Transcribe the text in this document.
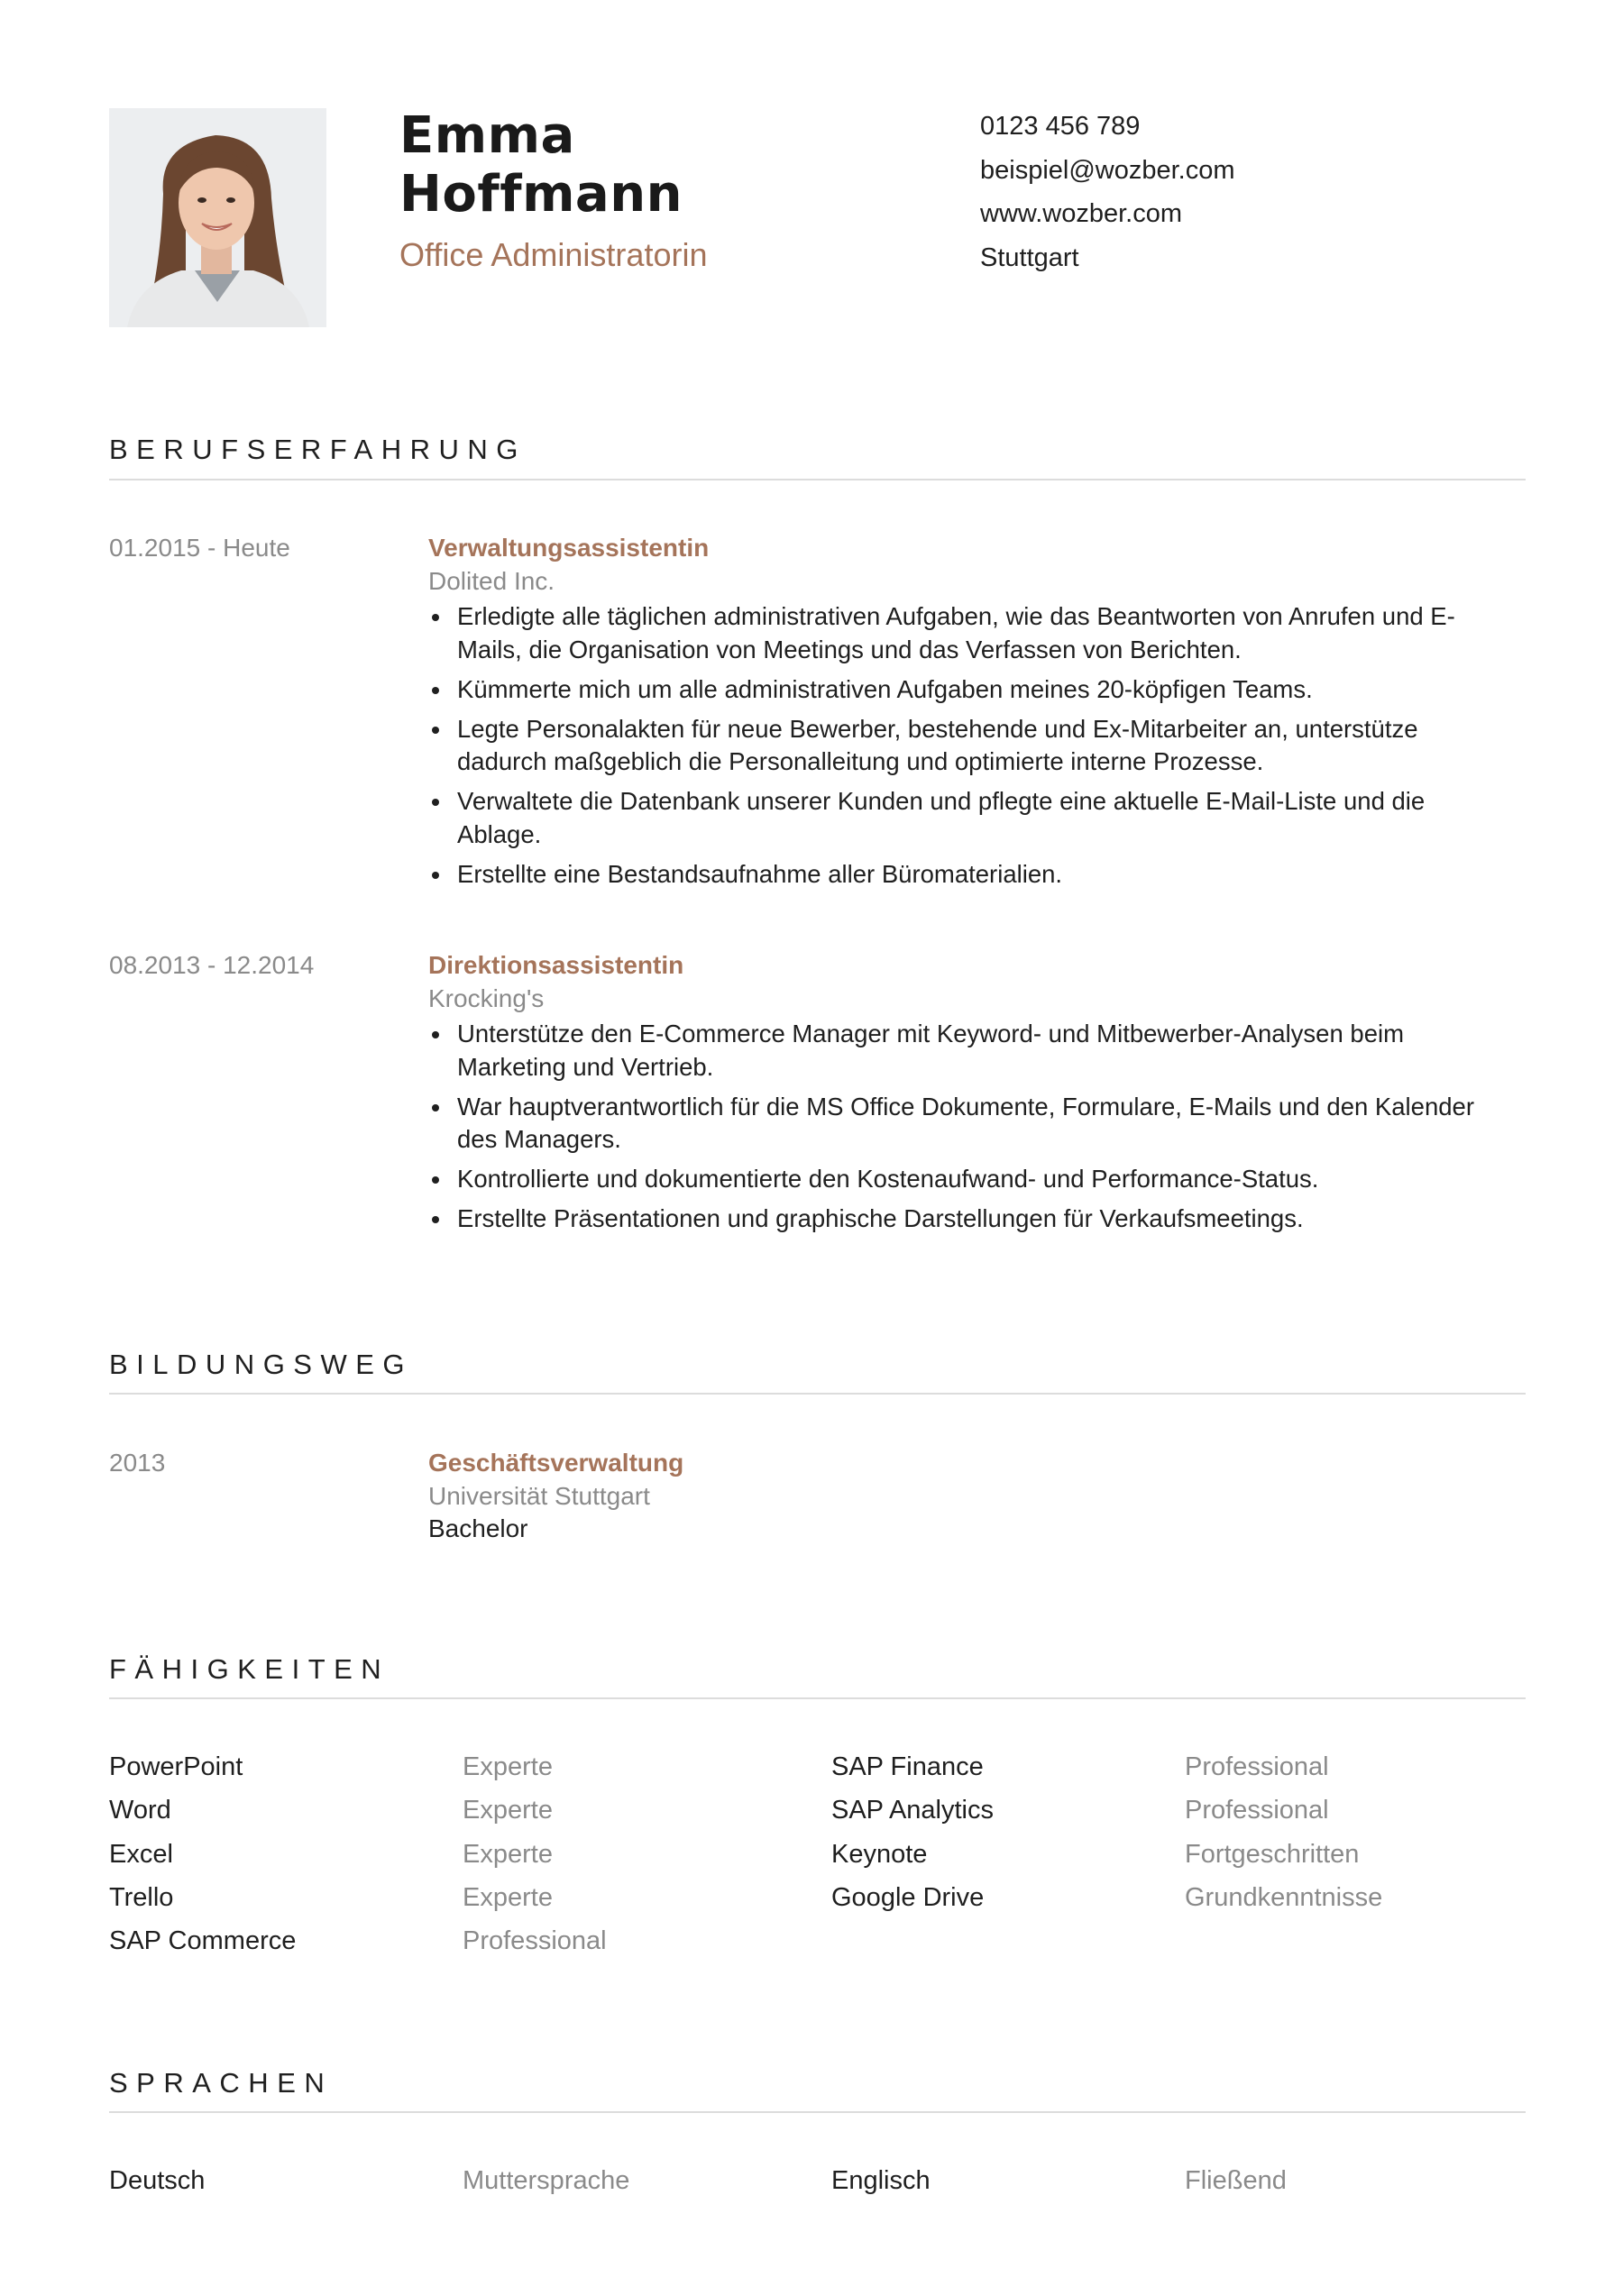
Emma
Hoffmann
Office Administratorin
0123 456 789
beispiel@wozber.com
www.wozber.com
Stuttgart
BERUFSERFAHRUNG
01.2015 - Heute	Verwaltungsassistentin
Dolited Inc.
Erledigte alle täglichen administrativen Aufgaben, wie das Beantworten von Anrufen und E-Mails, die Organisation von Meetings und das Verfassen von Berichten.
Kümmerte mich um alle administrativen Aufgaben meines 20-köpfigen Teams.
Legte Personalakten für neue Bewerber, bestehende und Ex-Mitarbeiter an, unterstütze dadurch maßgeblich die Personalleitung und optimierte interne Prozesse.
Verwaltete die Datenbank unserer Kunden und pflegte eine aktuelle E-Mail-Liste und die Ablage.
Erstellte eine Bestandsaufnahme aller Büromaterialien.
08.2013 - 12.2014	Direktionsassistentin
Krocking's
Unterstütze den E-Commerce Manager mit Keyword- und Mitbewerber-Analysen beim Marketing und Vertrieb.
War hauptverantwortlich für die MS Office Dokumente, Formulare, E-Mails und den Kalender des Managers.
Kontrollierte und dokumentierte den Kostenaufwand- und Performance-Status.
Erstellte Präsentationen und graphische Darstellungen für Verkaufsmeetings.
BILDUNGSWEG
2013	Geschäftsverwaltung
Universität Stuttgart
Bachelor
FÄHIGKEITEN
PowerPoint	Experte
Word	Experte
Excel	Experte
Trello	Experte
SAP Commerce	Professional
SAP Finance	Professional
SAP Analytics	Professional
Keynote	Fortgeschritten
Google Drive	Grundkenntnisse
SPRACHEN
Deutsch	Muttersprache	Englisch	Fließend
